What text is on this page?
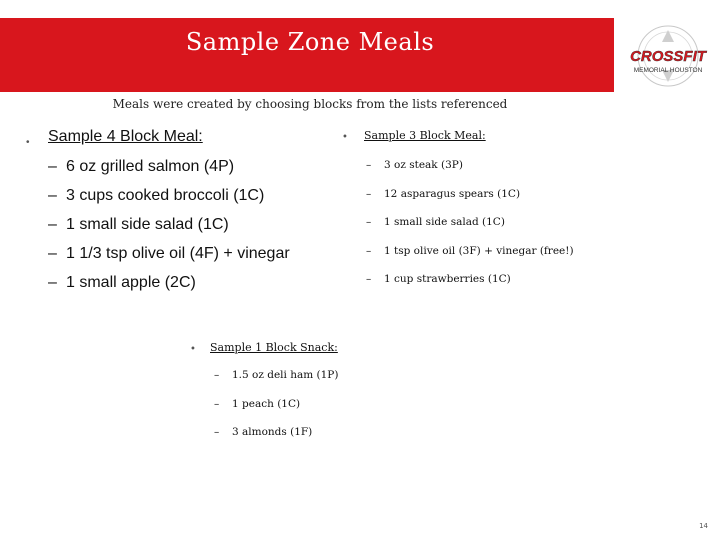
Sample Zone Meals
CROSSFIT
MEMORIAL HOUSTON
Meals were created by choosing blocks from the lists referenced
• Sample 4 Block Meal:
– 6 oz grilled salmon (4P)
– 3 cups cooked broccoli (1C)
– 1 small side salad (1C)
– 1 1/3 tsp olive oil (4F) + vinegar
– 1 small apple (2C)
• Sample 3 Block Meal:
– 3 oz steak (3P)
– 12 asparagus spears (1C)
– 1 small side salad (1C)
– 1 tsp olive oil (3F) + vinegar (free!)
– 1 cup strawberries (1C)
• Sample 1 Block Snack:
– 1.5 oz deli ham (1P)
– 1 peach (1C)
– 3 almonds (1F)
14
